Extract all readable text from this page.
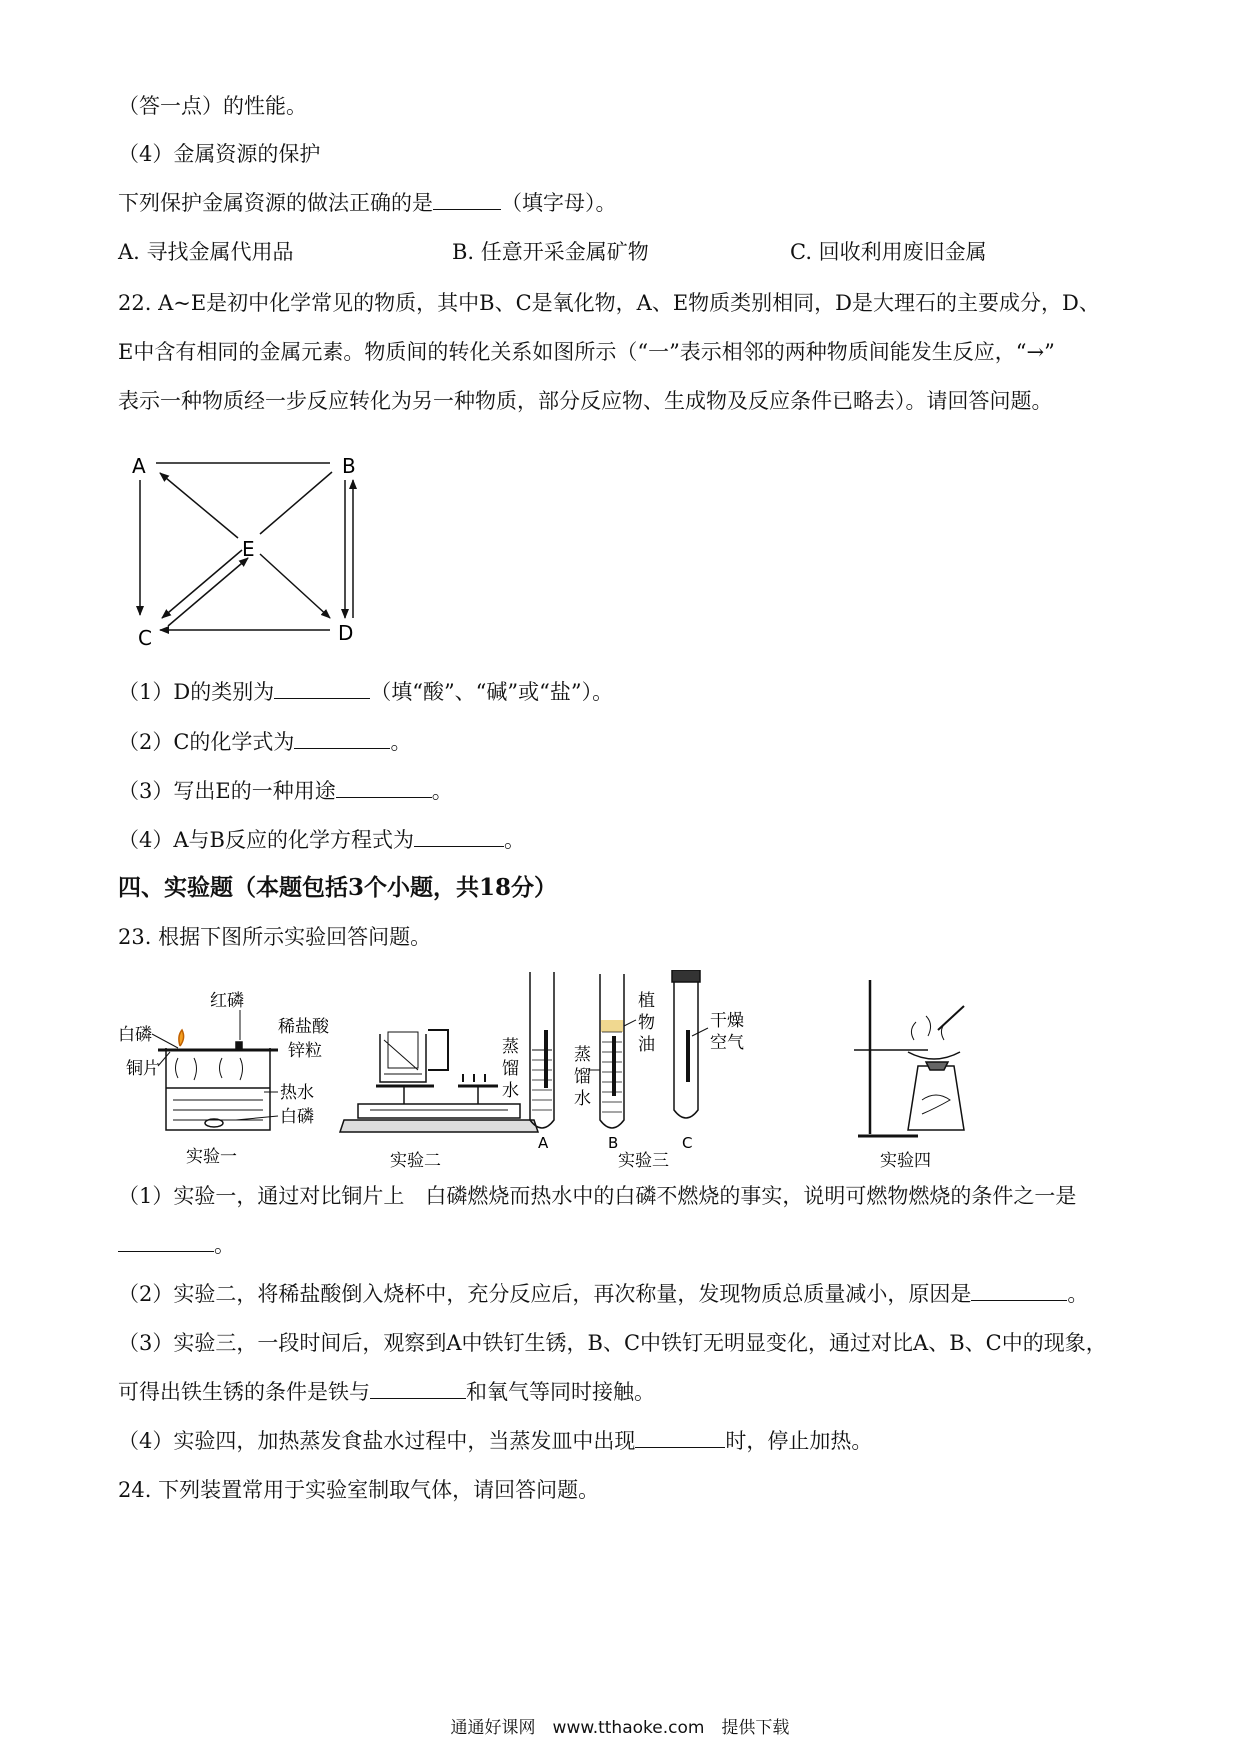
（答一点）的性能。
（4）金属资源的保护
下列保护金属资源的做法正确的是	（填字母）。
A. 寻找金属代用品	B. 任意开采金属矿物	C. 回收利用废旧金属
22. A~E是初中化学常见的物质，其中B、C是氧化物，A、E物质类别相同，D是大理石的主要成分，D、
E中含有相同的金属元素。物质间的转化关系如图所示（“一”表示相邻的两种物质间能发生反应，“→”
表示一种物质经一步反应转化为另一种物质，部分反应物、生成物及反应条件已略去）。请回答问题。
A	B
C	D
E
（1）D的类别为	（填“酸”、“碱”或“盐”）。
（2）C的化学式为	。
（3）写出E的一种用途	。
（4）A与B反应的化学方程式为	。
四、实验题（本题包括3个小题，共18分）
23. 根据下图所示实验回答问题。
红磷
白磷
铜片
热水
白磷
实验一
稀盐酸
锌粒
实验二
蒸
馏
水
蒸
馏
水
植
物
油
干燥
空气
A	B	C
实验三	实验四
（1）实验一，通过对比铜片上　白磷燃烧而热水中的白磷不燃烧的事实，说明可燃物燃烧的条件之一是
。
（2）实验二，将稀盐酸倒入烧杯中，充分反应后，再次称量，发现物质总质量减小，原因是	。
（3）实验三，一段时间后，观察到A中铁钉生锈，B、C中铁钉无明显变化，通过对比A、B、C中的现象，
可得出铁生锈的条件是铁与	和氧气等同时接触。
（4）实验四，加热蒸发食盐水过程中，当蒸发皿中出现	时，停止加热。
24. 下列装置常用于实验室制取气体，请回答问题。
通通好课网　www.tthaoke.com　提供下载
